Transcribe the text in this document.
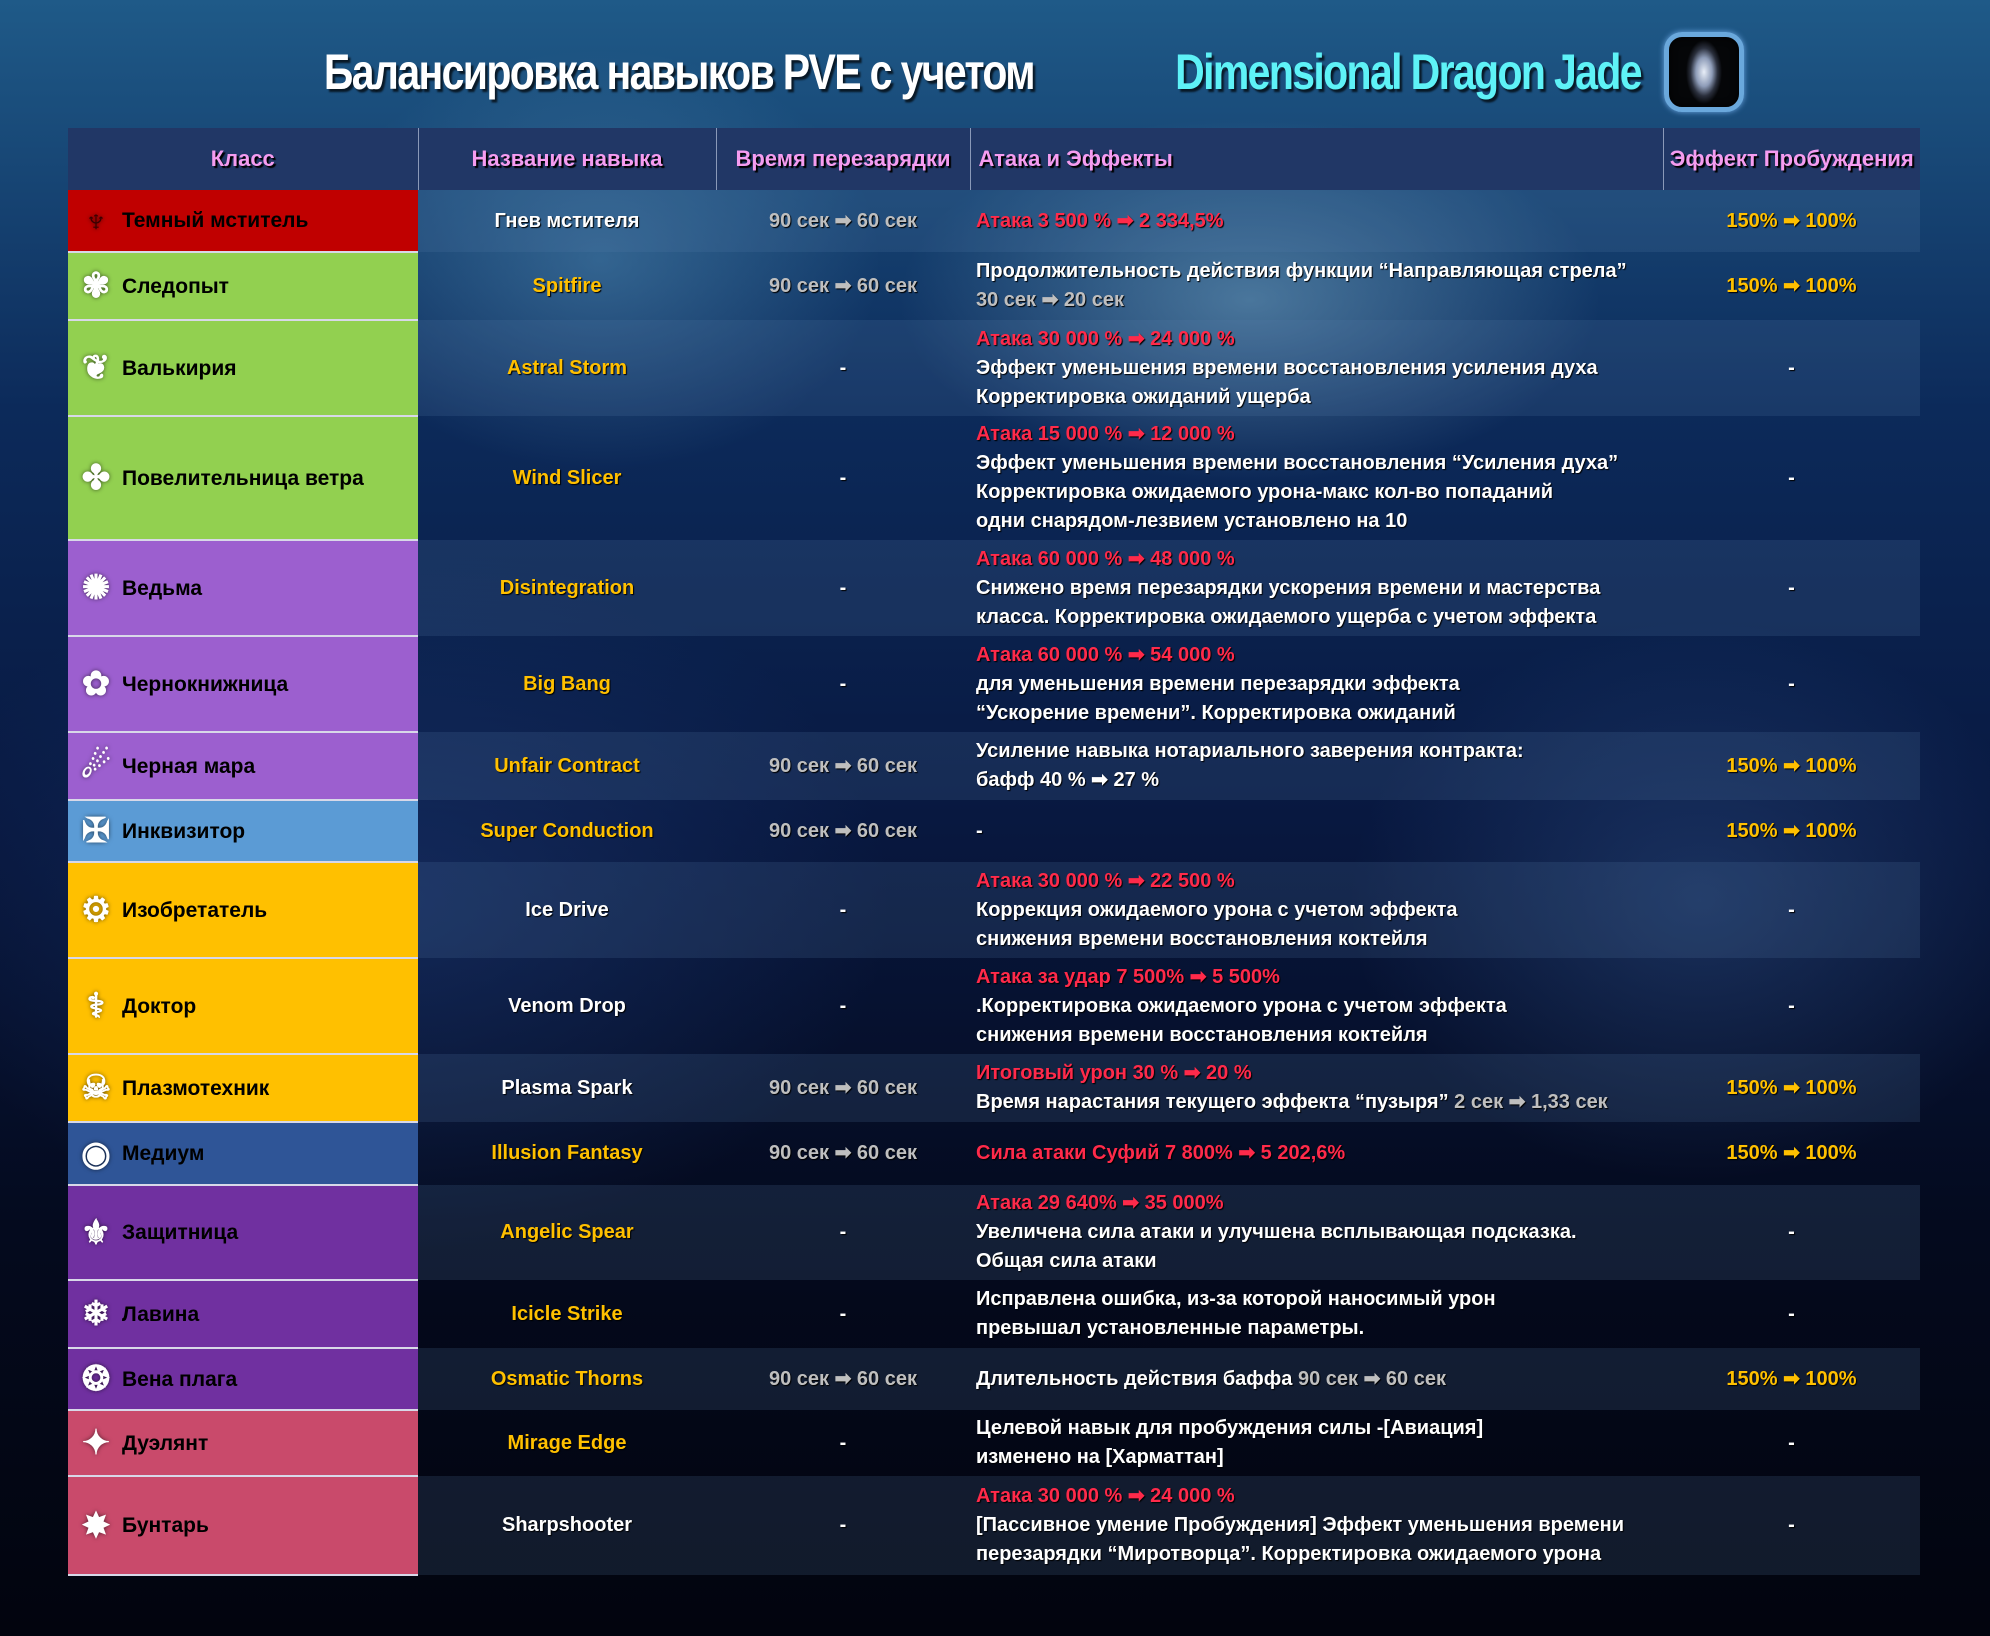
Балансировка навыков PVE с учетом	Dimensional Dragon Jade
Класс	Название навыка	Время перезарядки	Атака и Эффекты	Эффект Пробуждения

♆ Темный мститель	Гнев мстителя	90 сек ➡ 60 сек	Атака 3 500 % ➡ 2 334,5%	150% ➡ 100%

✾ Следопыт	Spitfire	90 сек ➡ 60 сек	Продолжительность действия функции “Направляющая стрела”
30 сек ➡ 20 сек	150% ➡ 100%

❦ Валькирия	Astral Storm	-	Атака 30 000 % ➡ 24 000 %
Эффект уменьшения времени восстановления усиления духа
Корректировка ожиданий ущерба	-

✤ Повелительница ветра	Wind Slicer	-	Атака 15 000 % ➡ 12 000 %
Эффект уменьшения времени восстановления “Усиления духа”
Корректировка ожидаемого урона-макс кол-во попаданий
одни снарядом-лезвием установлено на 10	-

✺ Ведьма	Disintegration	-	Атака 60 000 % ➡ 48 000 %
Снижено время перезарядки ускорения времени и мастерства
класса. Корректировка ожидаемого ущерба с учетом эффекта	-

✿ Чернокнижница	Big Bang	-	Атака 60 000 % ➡ 54 000 %
для уменьшения времени перезарядки эффекта
“Ускорение времени”. Корректировка ожиданий	-

☄ Черная мара	Unfair Contract	90 сек ➡ 60 сек	Усиление навыка нотариального заверения контракта:
бафф 40 % ➡ 27 %	150% ➡ 100%

✠ Инквизитор	Super Conduction	90 сек ➡ 60 сек	-	150% ➡ 100%

⚙ Изобретатель	Ice Drive	-	Атака 30 000 % ➡ 22 500 %
Коррекция ожидаемого урона с учетом эффекта
снижения времени восстановления коктейля	-

⚕ Доктор	Venom Drop	-	Атака за удар 7 500% ➡ 5 500%
.Корректировка ожидаемого урона с учетом эффекта
снижения времени восстановления коктейля	-

☠ Плазмотехник	Plasma Spark	90 сек ➡ 60 сек	Итоговый урон 30 % ➡ 20 %
Время нарастания текущего эффекта “пузыря” 2 сек ➡ 1,33 сек	150% ➡ 100%

◉ Медиум	Illusion Fantasy	90 сек ➡ 60 сек	Сила атаки Суфий 7 800% ➡ 5 202,6%	150% ➡ 100%

⚜ Защитница	Angelic Spear	-	Атака 29 640% ➡ 35 000%
Увеличена сила атаки и улучшена всплывающая подсказка.
Общая сила атаки	-

❄ Лавина	Icicle Strike	-	Исправлена ошибка, из-за которой наносимый урон
превышал установленные параметры.	-

❂ Вена плага	Osmatic Thorns	90 сек ➡ 60 сек	Длительность действия баффа 90 сек ➡ 60 сек	150% ➡ 100%

✦ Дуэлянт	Mirage Edge	-	Целевой навык для пробуждения силы -[Авиация]
изменено на [Харматтан]	-

✸ Бунтарь	Sharpshooter	-	Атака 30 000 % ➡ 24 000 %
[Пассивное умение Пробуждения] Эффект уменьшения времени
перезарядки “Миротворца”. Корректировка ожидаемого урона	-
